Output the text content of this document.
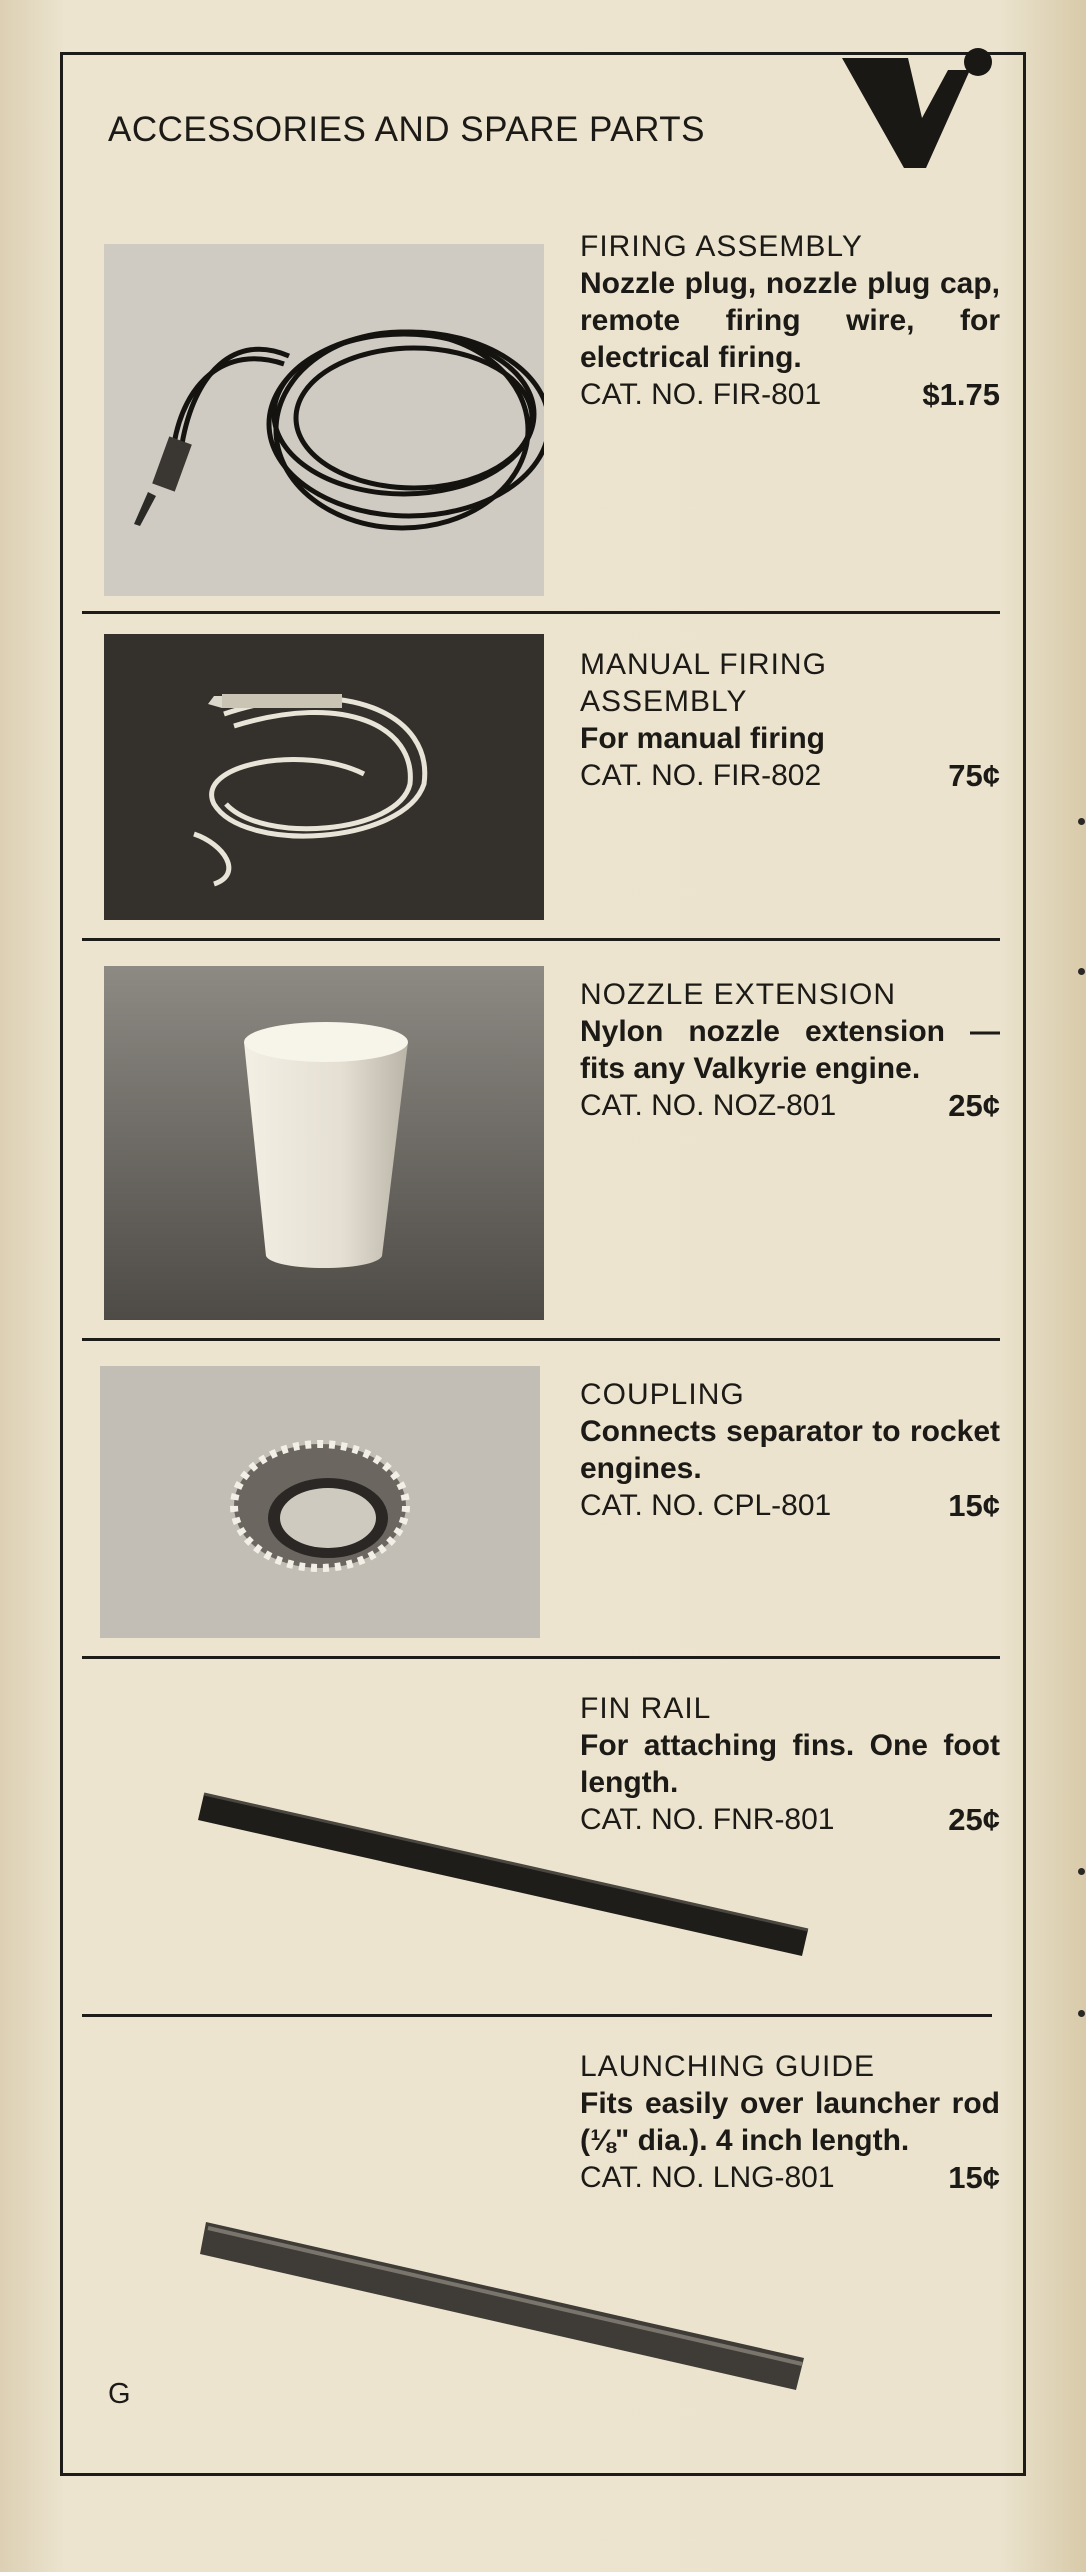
ACCESSORIES AND SPARE PARTS
FIRING ASSEMBLY
Nozzle plug, nozzle plug cap, remote firing wire, for electrical firing.
CAT. NO. FIR-801	$1.75
MANUAL FIRING ASSEMBLY
For manual firing
CAT. NO. FIR-802	75¢
NOZZLE EXTENSION
Nylon nozzle extension — fits any Valkyrie engine.
CAT. NO. NOZ-801	25¢
COUPLING
Connects separator to rocket engines.
CAT. NO. CPL-801	15¢
FIN RAIL
For attaching fins. One foot length.
CAT. NO. FNR-801	25¢
LAUNCHING GUIDE
Fits easily over launcher rod (⅛" dia.). 4 inch length.
CAT. NO. LNG-801	15¢
G
